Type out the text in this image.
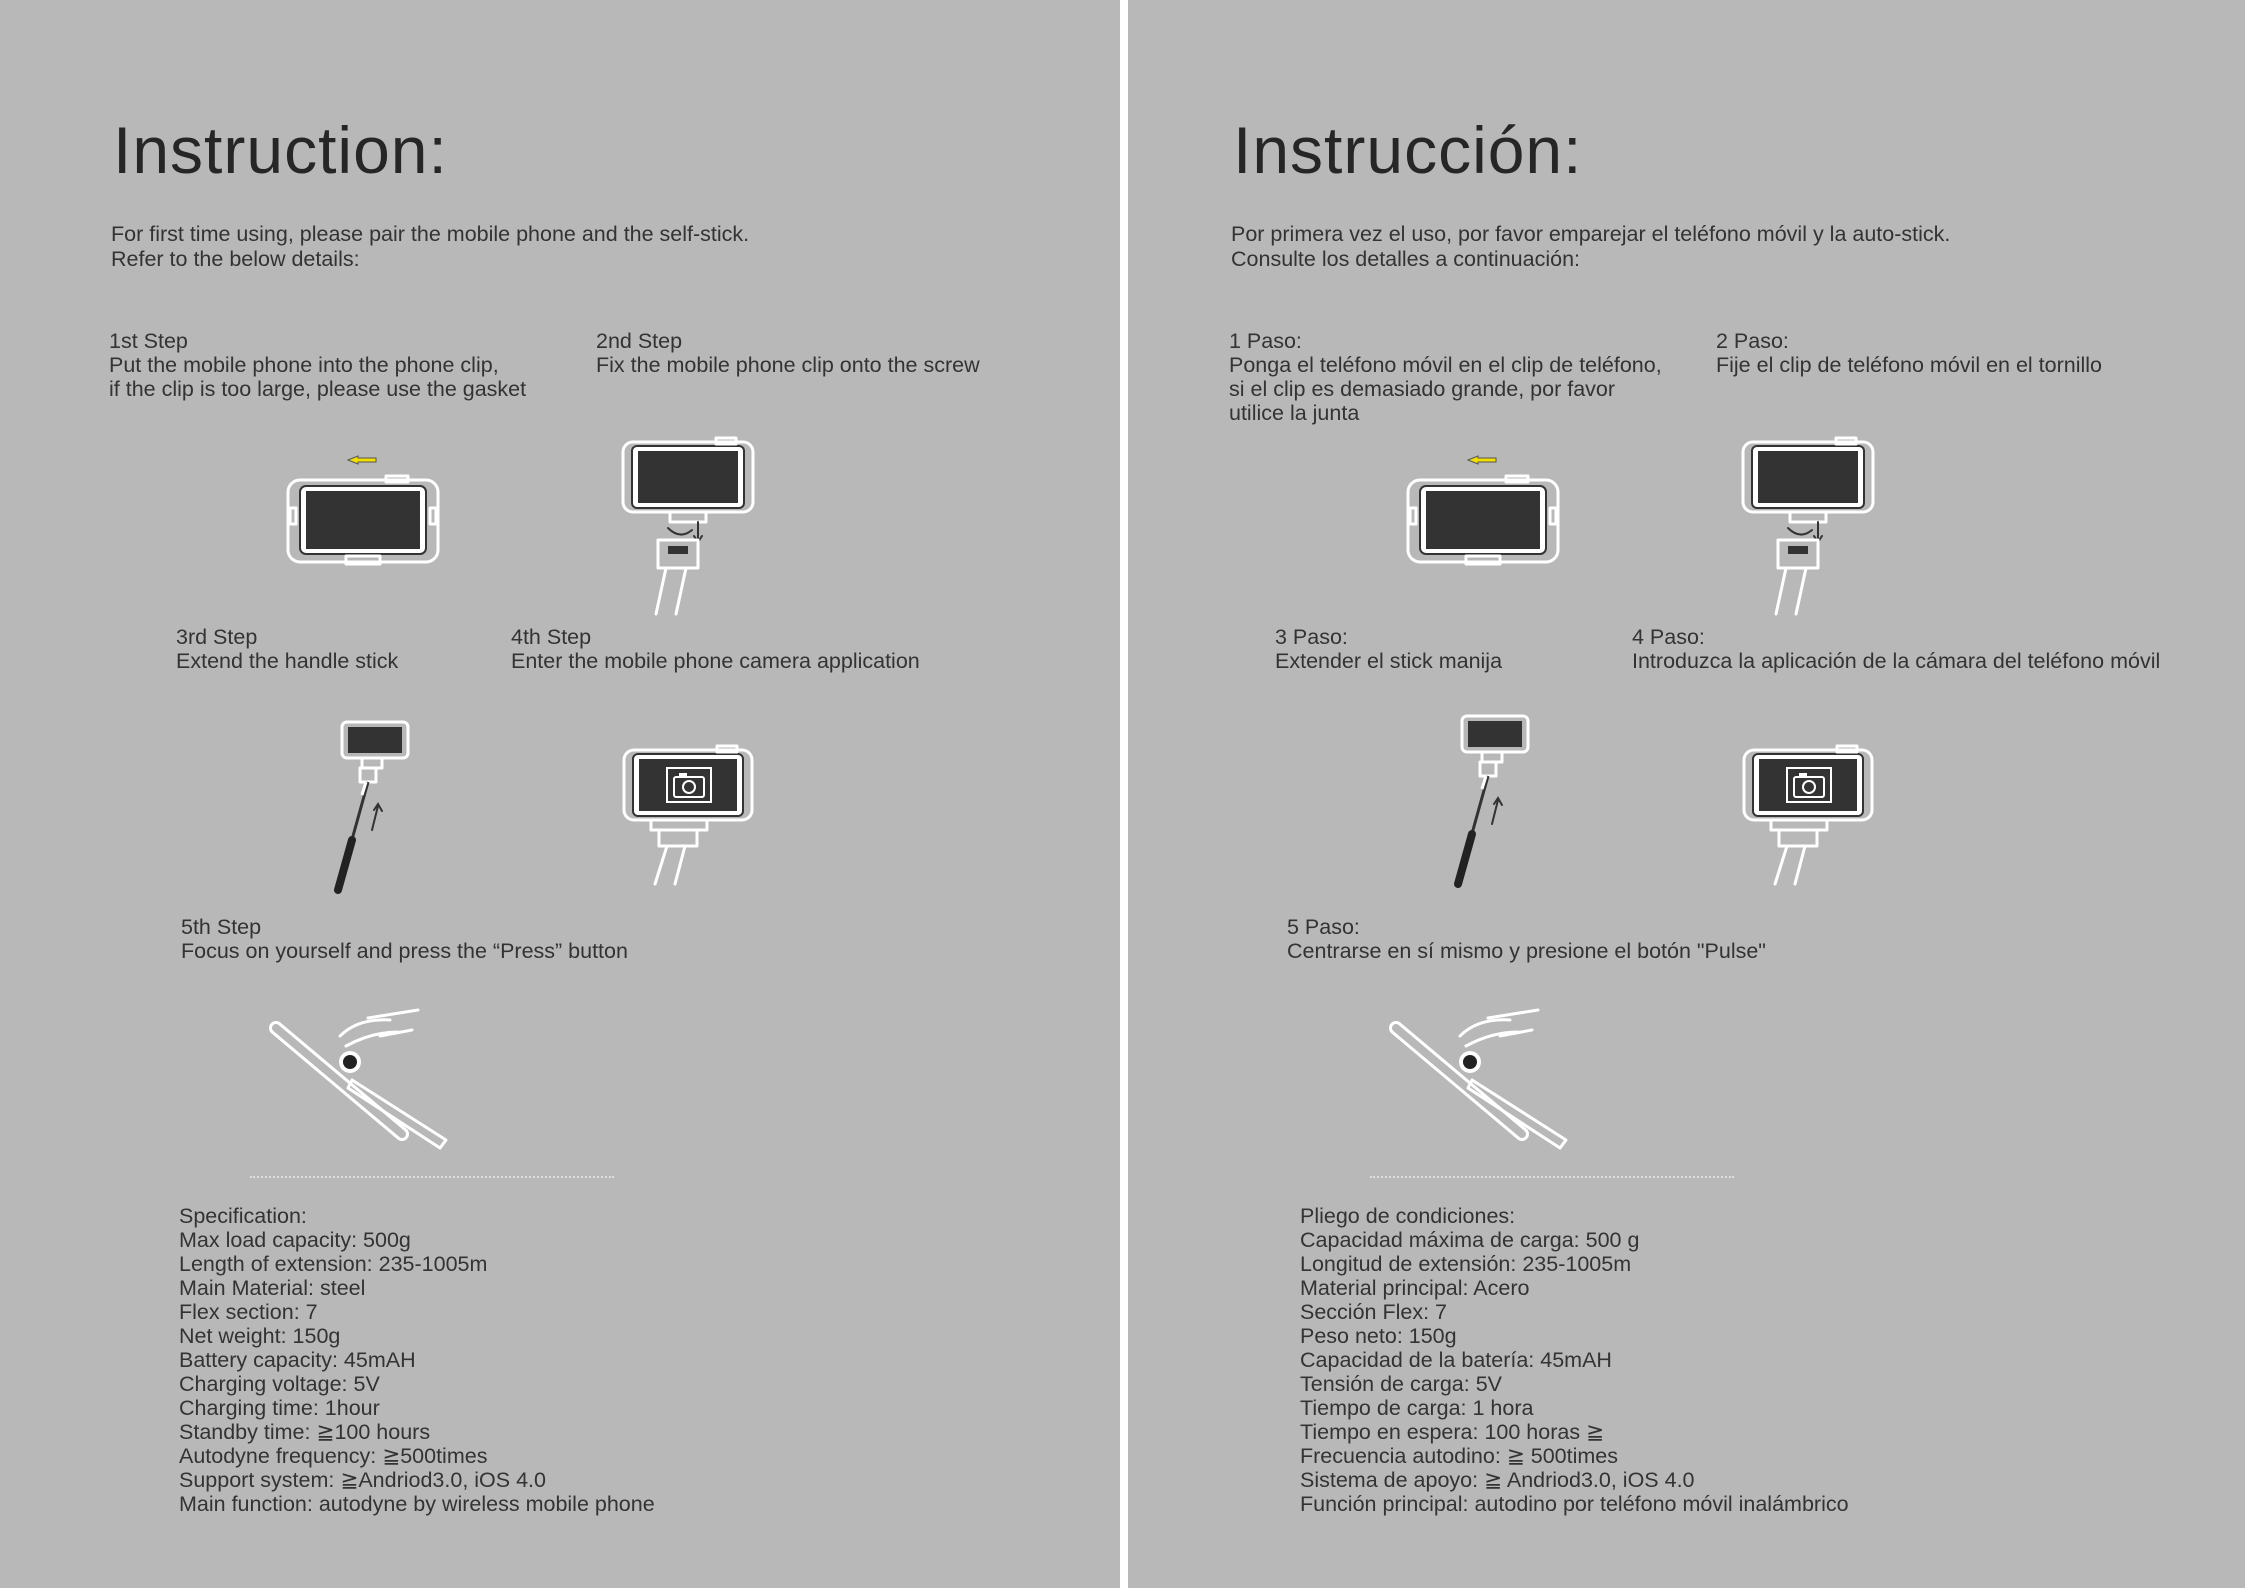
Instruction:
For first time using, please pair the mobile phone and the self-stick.
Refer to the below details:
1st Step
Put the mobile phone into the phone clip,
if the clip is too large, please use the gasket
2nd Step
Fix the mobile phone clip onto the screw
3rd Step
Extend the handle stick
4th Step
Enter the mobile phone camera application
5th Step
Focus on yourself and press the “Press” button
Specification:
Max load capacity: 500g
Length of extension: 235-1005m
Main Material: steel
Flex section: 7
Net weight: 150g
Battery capacity: 45mAH
Charging voltage: 5V
Charging time: 1hour
Standby time: ≧100 hours
Autodyne frequency: ≧500times
Support system: ≧Andriod3.0, iOS 4.0
Main function: autodyne by wireless mobile phone
Instrucción:
Por primera vez el uso, por favor emparejar el teléfono móvil y la auto-stick.
Consulte los detalles a continuación:
1 Paso:
Ponga el teléfono móvil en el clip de teléfono,
si el clip es demasiado grande, por favor
utilice la junta
2 Paso:
Fije el clip de teléfono móvil en el tornillo
3 Paso:
Extender el stick manija
4 Paso:
Introduzca la aplicación de la cámara del teléfono móvil
5 Paso:
Centrarse en sí mismo y presione el botón "Pulse"
Pliego de condiciones:
Capacidad máxima de carga: 500 g
Longitud de extensión: 235-1005m
Material principal: Acero
Sección Flex: 7
Peso neto: 150g
Capacidad de la batería: 45mAH
Tensión de carga: 5V
Tiempo de carga: 1 hora
Tiempo en espera: 100 horas ≧
Frecuencia autodino: ≧ 500times
Sistema de apoyo: ≧ Andriod3.0, iOS 4.0
Función principal: autodino por teléfono móvil inalámbrico
